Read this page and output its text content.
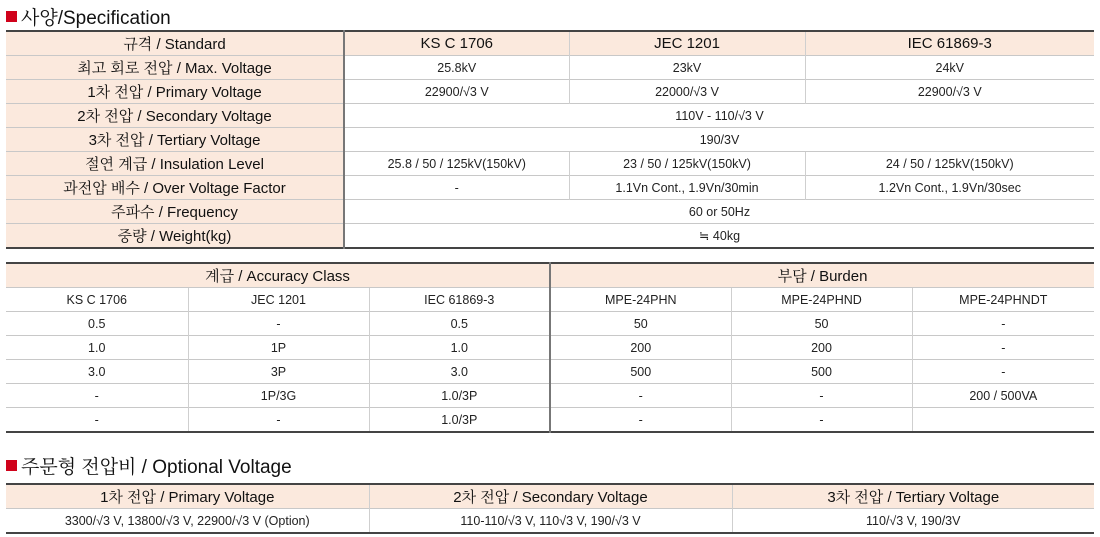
사양/Specification
규격 / Standard	KS C 1706	JEC 1201	IEC 61869-3
최고 회로 전압 / Max. Voltage	25.8kV	23kV	24kV
1차 전압 / Primary Voltage	22900/√3 V	22000/√3 V	22900/√3 V
2차 전압 / Secondary Voltage	110V - 110/√3 V		
3차 전압 / Tertiary Voltage	190/3V		
절연 계급 / Insulation Level	25.8 / 50 / 125kV(150kV)	23 / 50 / 125kV(150kV)	24 / 50 / 125kV(150kV)
과전압 배수 / Over Voltage Factor	-	1.1Vn Cont., 1.9Vn/30min	1.2Vn Cont., 1.9Vn/30sec
주파수 / Frequency	60 or 50Hz		
중량 / Weight(kg)	≒ 40kg		
계급 / Accuracy Class			부담 / Burden		
KS C 1706	JEC 1201	IEC 61869-3	MPE-24PHN	MPE-24PHND	MPE-24PHNDT
0.5	-	0.5	50	50	-
1.0	1P	1.0	200	200	-
3.0	3P	3.0	500	500	-
-	1P/3G	1.0/3P	-	-	200 / 500VA
-	-	1.0/3P	-	-	
주문형 전압비 / Optional Voltage
1차 전압 / Primary Voltage	2차 전압 / Secondary Voltage	3차 전압 / Tertiary Voltage
3300/√3 V, 13800/√3 V, 22900/√3 V (Option)	110-110/√3 V, 110√3 V, 190/√3 V	110/√3 V, 190/3V
